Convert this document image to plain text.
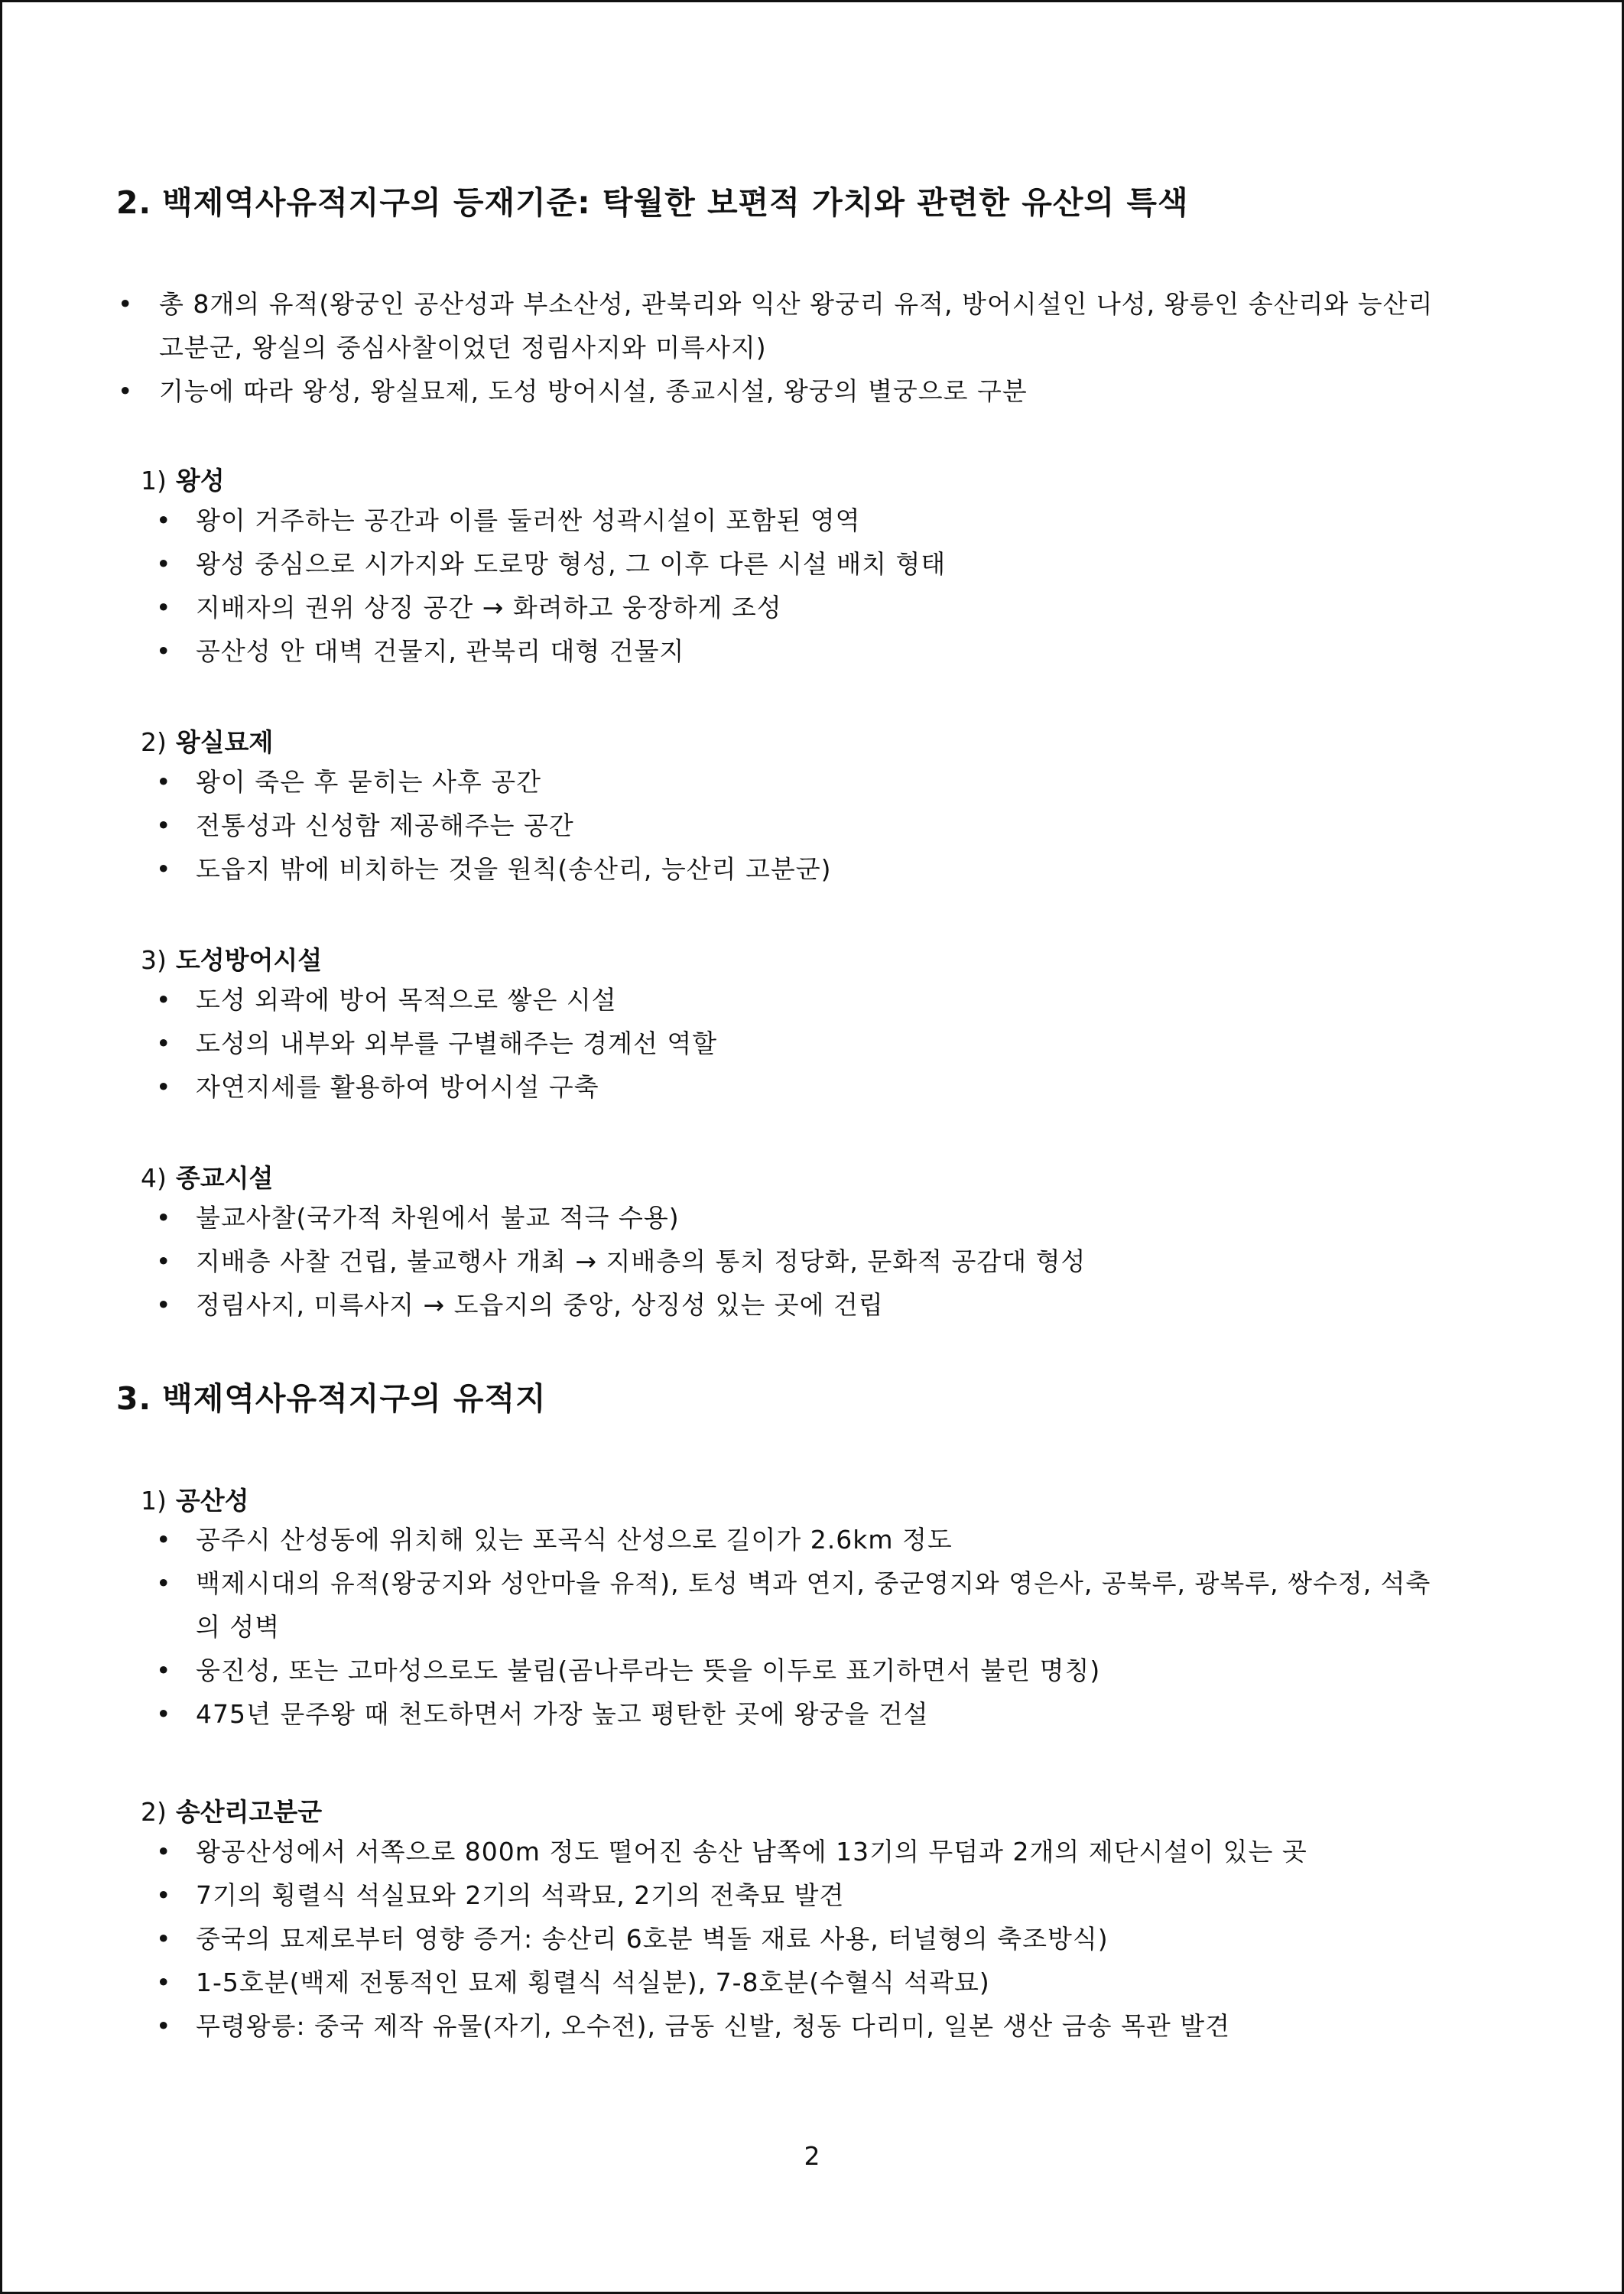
2. 백제역사유적지구의 등재기준: 탁월한 보편적 가치와 관련한 유산의 특색
• 총 8개의 유적(왕궁인 공산성과 부소산성, 관북리와 익산 왕궁리 유적, 방어시설인 나성, 왕릉인 송산리와 능산리 고분군, 왕실의 중심사찰이었던 정림사지와 미륵사지)
• 기능에 따라 왕성, 왕실묘제, 도성 방어시설, 종교시설, 왕궁의 별궁으로 구분
1) 왕성
• 왕이 거주하는 공간과 이를 둘러싼 성곽시설이 포함된 영역
• 왕성 중심으로 시가지와 도로망 형성, 그 이후 다른 시설 배치 형태
• 지배자의 권위 상징 공간 → 화려하고 웅장하게 조성
• 공산성 안 대벽 건물지, 관북리 대형 건물지
2) 왕실묘제
• 왕이 죽은 후 묻히는 사후 공간
• 전통성과 신성함 제공해주는 공간
• 도읍지 밖에 비치하는 것을 원칙(송산리, 능산리 고분군)
3) 도성방어시설
• 도성 외곽에 방어 목적으로 쌓은 시설
• 도성의 내부와 외부를 구별해주는 경계선 역할
• 자연지세를 활용하여 방어시설 구축
4) 종교시설
• 불교사찰(국가적 차원에서 불교 적극 수용)
• 지배층 사찰 건립, 불교행사 개최 → 지배층의 통치 정당화, 문화적 공감대 형성
• 정림사지, 미륵사지 → 도읍지의 중앙, 상징성 있는 곳에 건립
3. 백제역사유적지구의 유적지
1) 공산성
• 공주시 산성동에 위치해 있는 포곡식 산성으로 길이가 2.6km 정도
• 백제시대의 유적(왕궁지와 성안마을 유적), 토성 벽과 연지, 중군영지와 영은사, 공북루, 광복루, 쌍수정, 석축의 성벽
• 웅진성, 또는 고마성으로도 불림(곰나루라는 뜻을 이두로 표기하면서 불린 명칭)
• 475년 문주왕 때 천도하면서 가장 높고 평탄한 곳에 왕궁을 건설
2) 송산리고분군
• 왕공산성에서 서쪽으로 800m 정도 떨어진 송산 남쪽에 13기의 무덤과 2개의 제단시설이 있는 곳
• 7기의 횡렬식 석실묘와 2기의 석곽묘, 2기의 전축묘 발견
• 중국의 묘제로부터 영향 증거: 송산리 6호분 벽돌 재료 사용, 터널형의 축조방식)
• 1-5호분(백제 전통적인 묘제 횡렬식 석실분), 7-8호분(수혈식 석곽묘)
• 무령왕릉: 중국 제작 유물(자기, 오수전), 금동 신발, 청동 다리미, 일본 생산 금송 목관 발견
2
